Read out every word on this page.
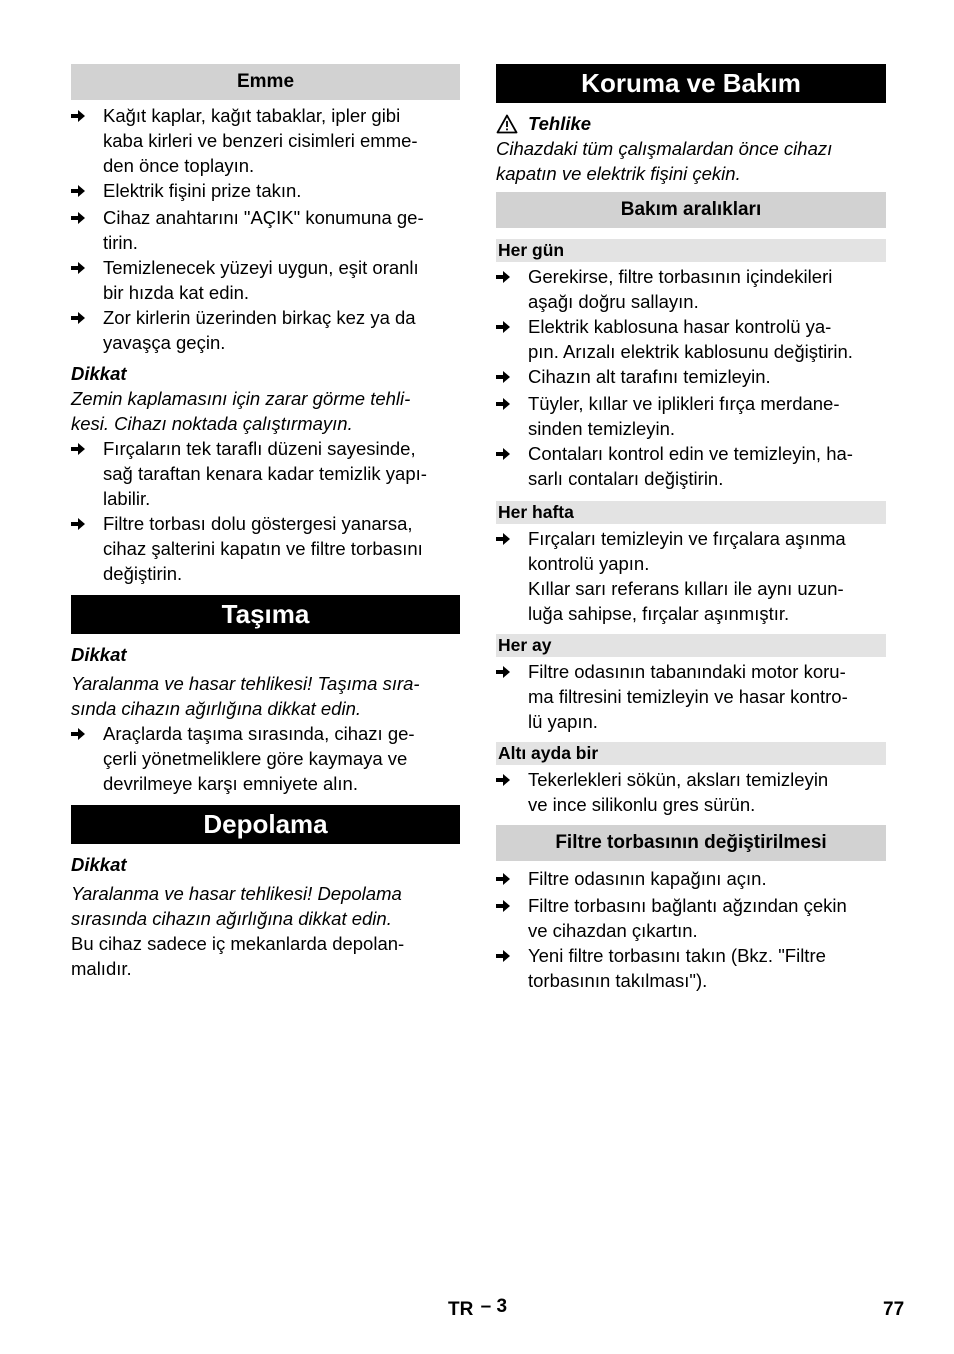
Emme
Kağıt kaplar, kağıt tabaklar, ipler gibi
kaba kirleri ve benzeri cisimleri emme-
den önce toplayın.
Elektrik fişini prize takın.
Cihaz anahtarını "AÇIK" konumuna ge-
tirin.
Temizlenecek yüzeyi uygun, eşit oranlı
bir hızda kat edin.
Zor kirlerin üzerinden birkaç kez ya da
yavaşça geçin.
Dikkat
Zemin kaplamasını için zarar görme tehli-
kesi. Cihazı noktada çalıştırmayın.
Fırçaların tek taraflı düzeni sayesinde,
sağ taraftan kenara kadar temizlik yapı-
labilir.
Filtre torbası dolu göstergesi yanarsa,
cihaz şalterini kapatın ve filtre torbasını
değiştirin.
Taşıma
Dikkat
Yaralanma ve hasar tehlikesi! Taşıma sıra-
sında cihazın ağırlığına dikkat edin.
Araçlarda taşıma sırasında, cihazı ge-
çerli yönetmeliklere göre kaymaya ve
devrilmeye karşı emniyete alın.
Depolama
Dikkat
Yaralanma ve hasar tehlikesi! Depolama
sırasında cihazın ağırlığına dikkat edin.
Bu cihaz sadece iç mekanlarda depolan-
malıdır.
Koruma ve Bakım
Tehlike
Cihazdaki tüm çalışmalardan önce cihazı
kapatın ve elektrik fişini çekin.
Bakım aralıkları
Her gün
Gerekirse, filtre torbasının içindekileri
aşağı doğru sallayın.
Elektrik kablosuna hasar kontrolü ya-
pın. Arızalı elektrik kablosunu değiştirin.
Cihazın alt tarafını temizleyin.
Tüyler, kıllar ve iplikleri fırça merdane-
sinden temizleyin.
Contaları kontrol edin ve temizleyin, ha-
sarlı contaları değiştirin.
Her hafta
Fırçaları temizleyin ve fırçalara aşınma
kontrolü yapın.
Kıllar sarı referans kılları ile aynı uzun-
luğa sahipse, fırçalar aşınmıştır.
Her ay
Filtre odasının tabanındaki motor koru-
ma filtresini temizleyin ve hasar kontro-
lü yapın.
Altı ayda bir
Tekerlekleri sökün, aksları temizleyin
ve ince silikonlu gres sürün.
Filtre torbasının değiştirilmesi
Filtre odasının kapağını açın.
Filtre torbasını bağlantı ağzından çekin
ve cihazdan çıkartın.
Yeni filtre torbasını takın (Bkz. "Filtre
torbasının takılması").
TR – 3	77
